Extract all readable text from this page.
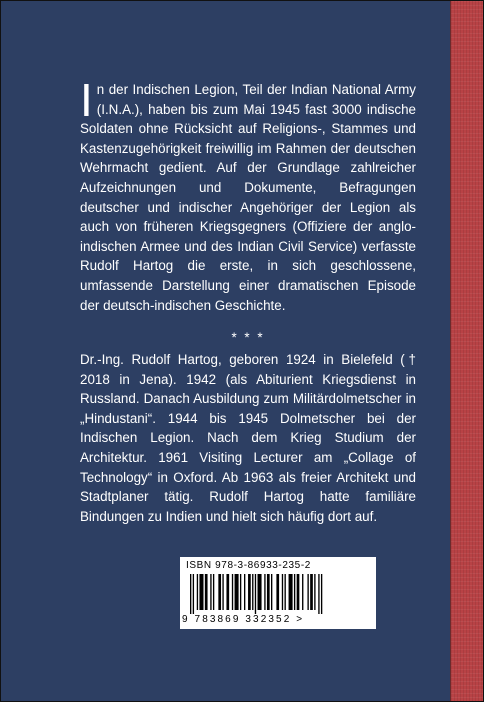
In der Indischen Legion, Teil der Indian National Army (I.N.A.), haben bis zum Mai 1945 fast 3000 indische Soldaten ohne Rücksicht auf Religions-, Stammes und Kastenzugehörigkeit freiwillig im Rahmen der deutschen Wehrmacht gedient. Auf der Grundlage zahlreicher Aufzeichnungen und Dokumente, Befragungen deutscher und indischer Angehöriger der Legion als auch von früheren Kriegsgegners (Offiziere der anglo-indischen Armee und des Indian Civil Service) verfasste Rudolf Hartog die erste, in sich geschlossene, umfassende Darstellung einer dramatischen Episode der deutsch-indischen Geschichte.
* * *
Dr.-Ing. Rudolf Hartog, geboren 1924 in Bielefeld († 2018 in Jena). 1942 (als Abiturient Kriegsdienst in Russland. Danach Ausbildung zum Militärdolmetscher in „Hindustani“. 1944 bis 1945 Dolmetscher bei der Indischen Legion. Nach dem Krieg Studium der Architektur. 1961 Visiting Lecturer am „Collage of Technology“ in Oxford. Ab 1963 als freier Architekt und Stadtplaner tätig. Rudolf Hartog hatte familiäre Bindungen zu Indien und hielt sich häufig dort auf.
ISBN 978-3-86933-235-2
9 783869 332352 >
